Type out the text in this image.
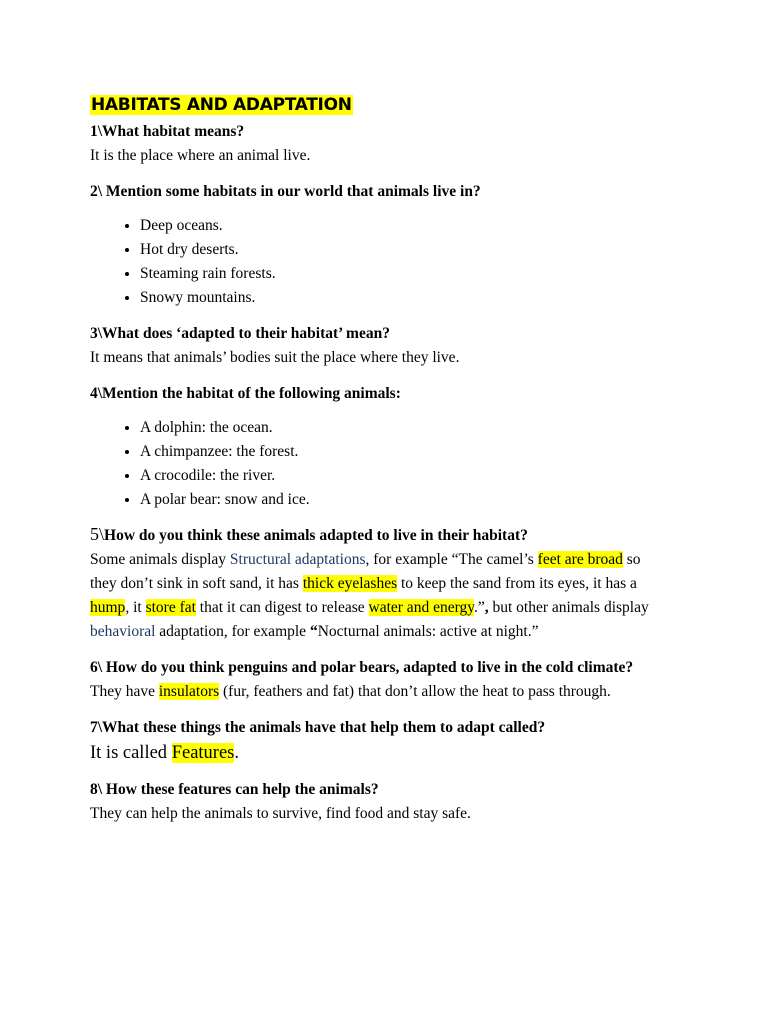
HABITATS AND ADAPTATION

1\What habitat means?

It is the place where an animal live.

2\ Mention some habitats in our world that animals live in?

• Deep oceans.
• Hot dry deserts.
• Steaming rain forests.
• Snowy mountains.

3\What does ‘adapted to their habitat’ mean?

It means that animals’ bodies suit the place where they live.

4\Mention the habitat of the following animals:

• A dolphin: the ocean.
• A chimpanzee: the forest.
• A crocodile: the river.
• A polar bear: snow and ice.

5\How do you think these animals adapted to live in their habitat?

Some animals display Structural adaptations, for example “The camel’s feet are broad so they don’t sink in soft sand, it has thick eyelashes to keep the sand from its eyes, it has a hump, it store fat that it can digest to release water and energy.”, but other animals display behavioral adaptation, for example “Nocturnal animals: active at night.”

6\ How do you think penguins and polar bears, adapted to live in the cold climate?

They have insulators (fur, feathers and fat) that don’t allow the heat to pass through.

7\What these things the animals have that help them to adapt called?

It is called Features.

8\ How these features can help the animals?

They can help the animals to survive, find food and stay safe.
